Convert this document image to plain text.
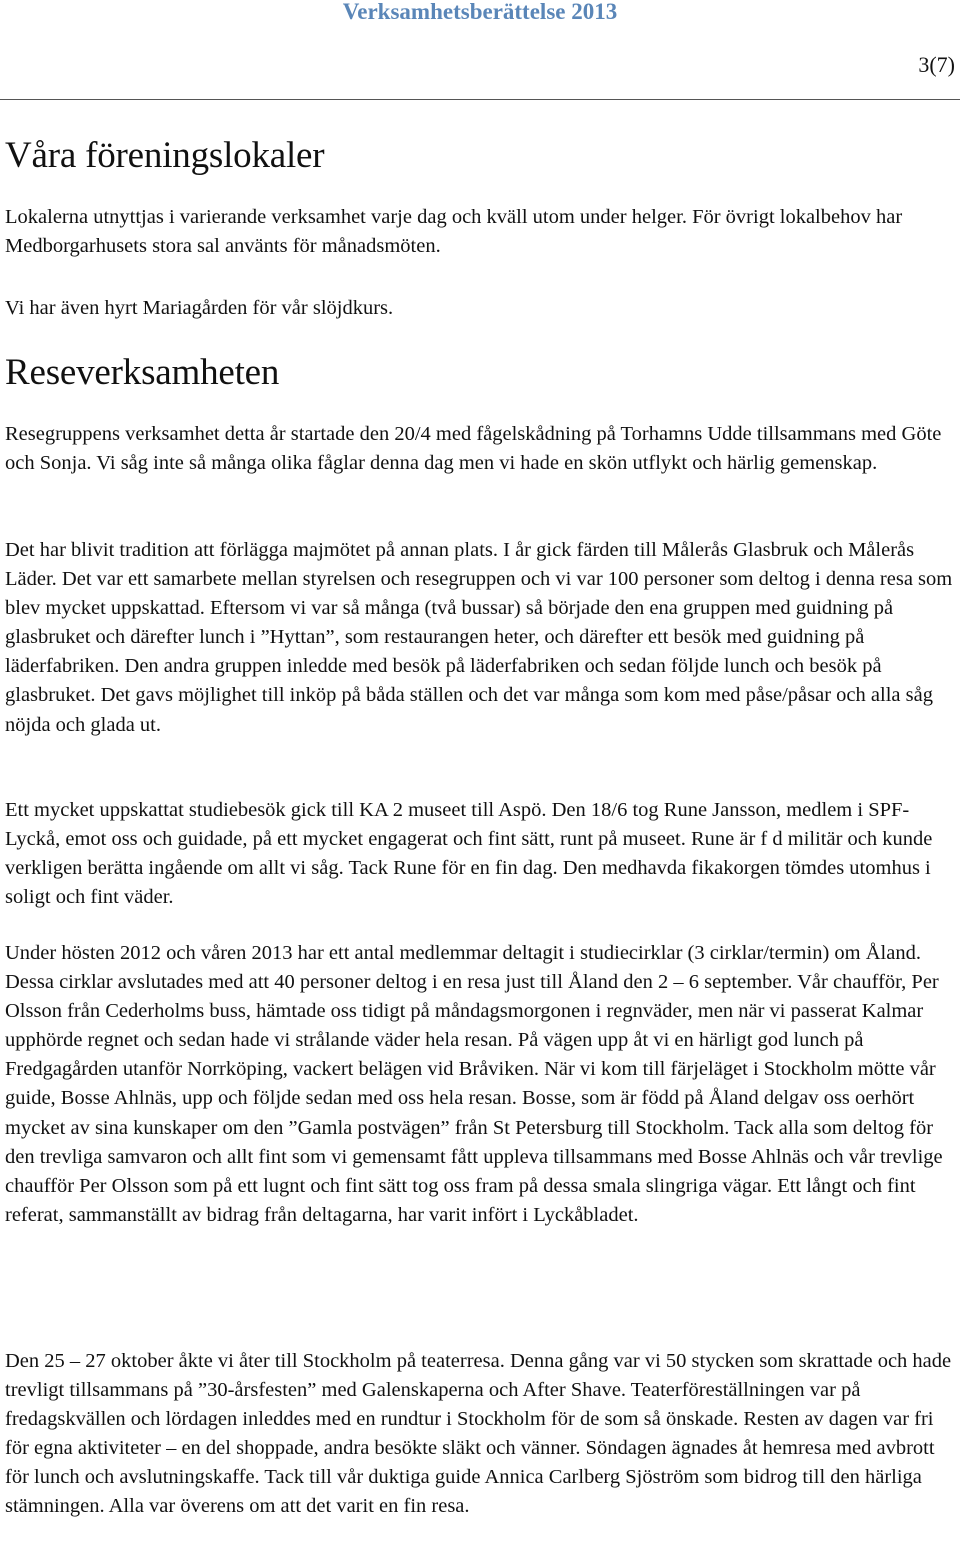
Verksamhetsberättelse 2013
3(7)
Våra föreningslokaler

Lokalerna utnyttjas i varierande verksamhet varje dag och kväll utom under helger. För övrigt lokalbehov har Medborgarhusets stora sal använts för månadsmöten.

Vi har även hyrt Mariagården för vår slöjdkurs.

Reseverksamheten

Resegruppens verksamhet detta år startade den 20/4 med fågelskådning på Torhamns Udde tillsammans med Göte och Sonja. Vi såg inte så många olika fåglar denna dag men vi hade en skön utflykt och härlig gemenskap.

Det har blivit tradition att förlägga majmötet på annan plats. I år gick färden till Målerås Glasbruk och Målerås Läder. Det var ett samarbete mellan styrelsen och resegruppen och vi var 100 personer som deltog i denna resa som blev mycket uppskattad. Eftersom vi var så många (två bussar) så började den ena gruppen med guidning på glasbruket och därefter lunch i ”Hyttan”, som restaurangen heter, och därefter ett besök med guidning på läderfabriken. Den andra gruppen inledde med besök på läderfabriken och sedan följde lunch och besök på glasbruket. Det gavs möjlighet till inköp på båda ställen och det var många som kom med påse/påsar och alla såg nöjda och glada ut.

Ett mycket uppskattat studiebesök gick till KA 2 museet till Aspö. Den 18/6 tog Rune Jansson, medlem i SPF-Lyckå, emot oss och guidade, på ett mycket engagerat och fint sätt, runt på museet. Rune är f d militär och kunde verkligen berätta ingående om allt vi såg. Tack Rune för en fin dag. Den medhavda fikakorgen tömdes utomhus i soligt och fint väder.

Under hösten 2012 och våren 2013 har ett antal medlemmar deltagit i studiecirklar (3 cirklar/termin) om Åland. Dessa cirklar avslutades med att 40 personer deltog i en resa just till Åland den 2 – 6 september. Vår chaufför, Per Olsson från Cederholms buss, hämtade oss tidigt på måndagsmorgonen i regnväder, men när vi passerat Kalmar upphörde regnet och sedan hade vi strålande väder hela resan. På vägen upp åt vi en härligt god lunch på Fredgagården utanför Norrköping, vackert belägen vid Bråviken. När vi kom till färjeläget i Stockholm mötte vår guide, Bosse Ahlnäs, upp och följde sedan med oss hela resan. Bosse, som är född på Åland delgav oss oerhört mycket av sina kunskaper om den ”Gamla postvägen” från St Petersburg till Stockholm. Tack alla som deltog för den trevliga samvaron och allt fint som vi gemensamt fått uppleva tillsammans med Bosse Ahlnäs och vår trevlige chaufför Per Olsson som på ett lugnt och fint sätt tog oss fram på dessa smala slingriga vägar. Ett långt och fint referat, sammanställt av bidrag från deltagarna, har varit infört i Lyckåbladet.

Den 25 – 27 oktober åkte vi åter till Stockholm på teaterresa. Denna gång var vi 50 stycken som skrattade och hade trevligt tillsammans på ”30-årsfesten” med Galenskaperna och After Shave. Teaterföreställningen var på fredagskvällen och lördagen inleddes med en rundtur i Stockholm för de som så önskade. Resten av dagen var fri för egna aktiviteter – en del shoppade, andra besökte släkt och vänner. Söndagen ägnades åt hemresa med avbrott för lunch och avslutningskaffe. Tack till vår duktiga guide Annica Carlberg Sjöström som bidrog till den härliga stämningen. Alla var överens om att det varit en fin resa.
